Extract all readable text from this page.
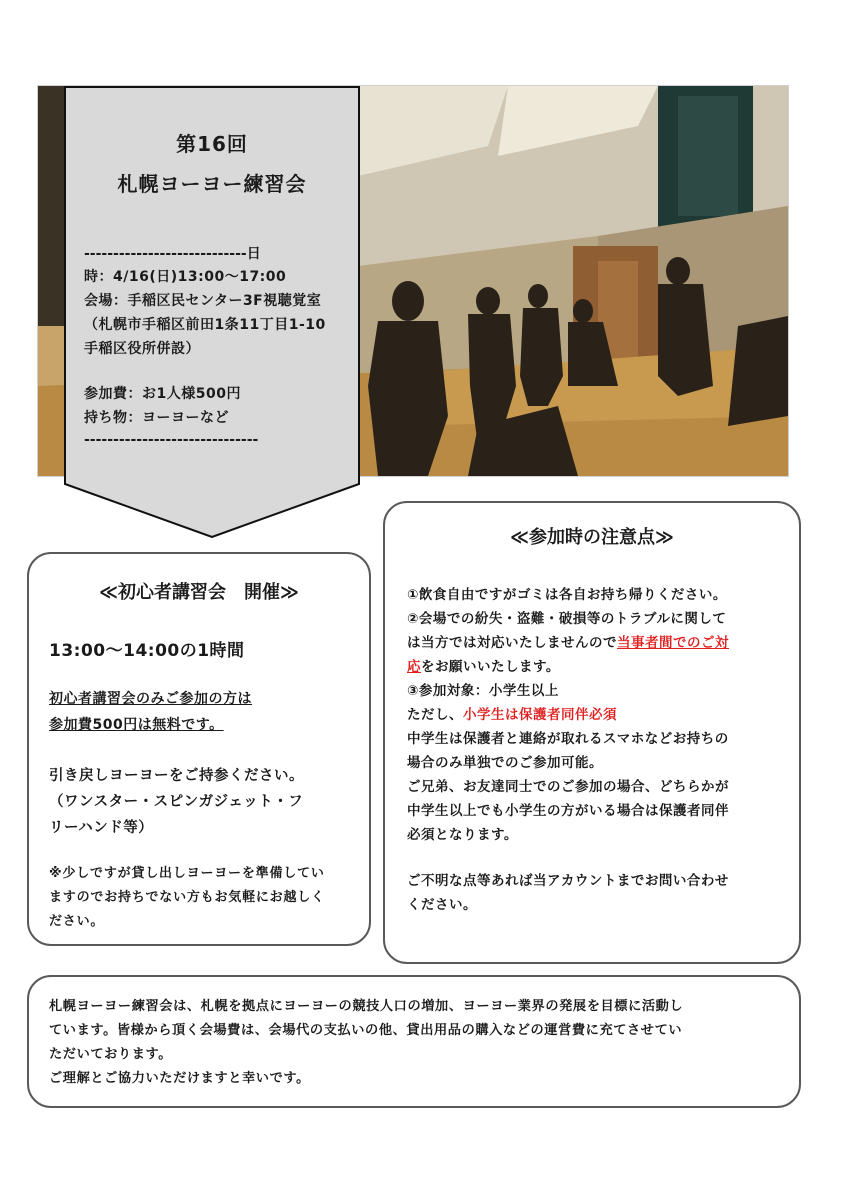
第16回
札幌ヨーヨー練習会
----------------------------日
時：4/16(日)13:00～17:00
会場：手稲区民センター3F視聴覚室
（札幌市手稲区前田1条11丁目1-10
手稲区役所併設）
参加費：お1人様500円
持ち物：ヨーヨーなど
------------------------------
≪初心者講習会　開催≫
13:00～14:00の1時間
初心者講習会のみご参加の方は
参加費500円は無料です。
引き戻しヨーヨーをご持参ください。
（ワンスター・スピンガジェット・フ
リーハンド等）
※少しですが貸し出しヨーヨーを準備してい
ますのでお持ちでない方もお気軽にお越しく
ださい。
≪参加時の注意点≫
①飲食自由ですがゴミは各自お持ち帰りください。
②会場での紛失・盗難・破損等のトラブルに関して
は当方では対応いたしませんので当事者間でのご対
応をお願いいたします。
③参加対象：小学生以上
ただし、小学生は保護者同伴必須
中学生は保護者と連絡が取れるスマホなどお持ちの
場合のみ単独でのご参加可能。
ご兄弟、お友達同士でのご参加の場合、どちらかが
中学生以上でも小学生の方がいる場合は保護者同伴
必須となります。
ご不明な点等あれば当アカウントまでお問い合わせ
ください。
札幌ヨーヨー練習会は、札幌を拠点にヨーヨーの競技人口の増加、ヨーヨー業界の発展を目標に活動し
ています。皆様から頂く会場費は、会場代の支払いの他、貸出用品の購入などの運営費に充てさせてい
ただいております。
ご理解とご協力いただけますと幸いです。
